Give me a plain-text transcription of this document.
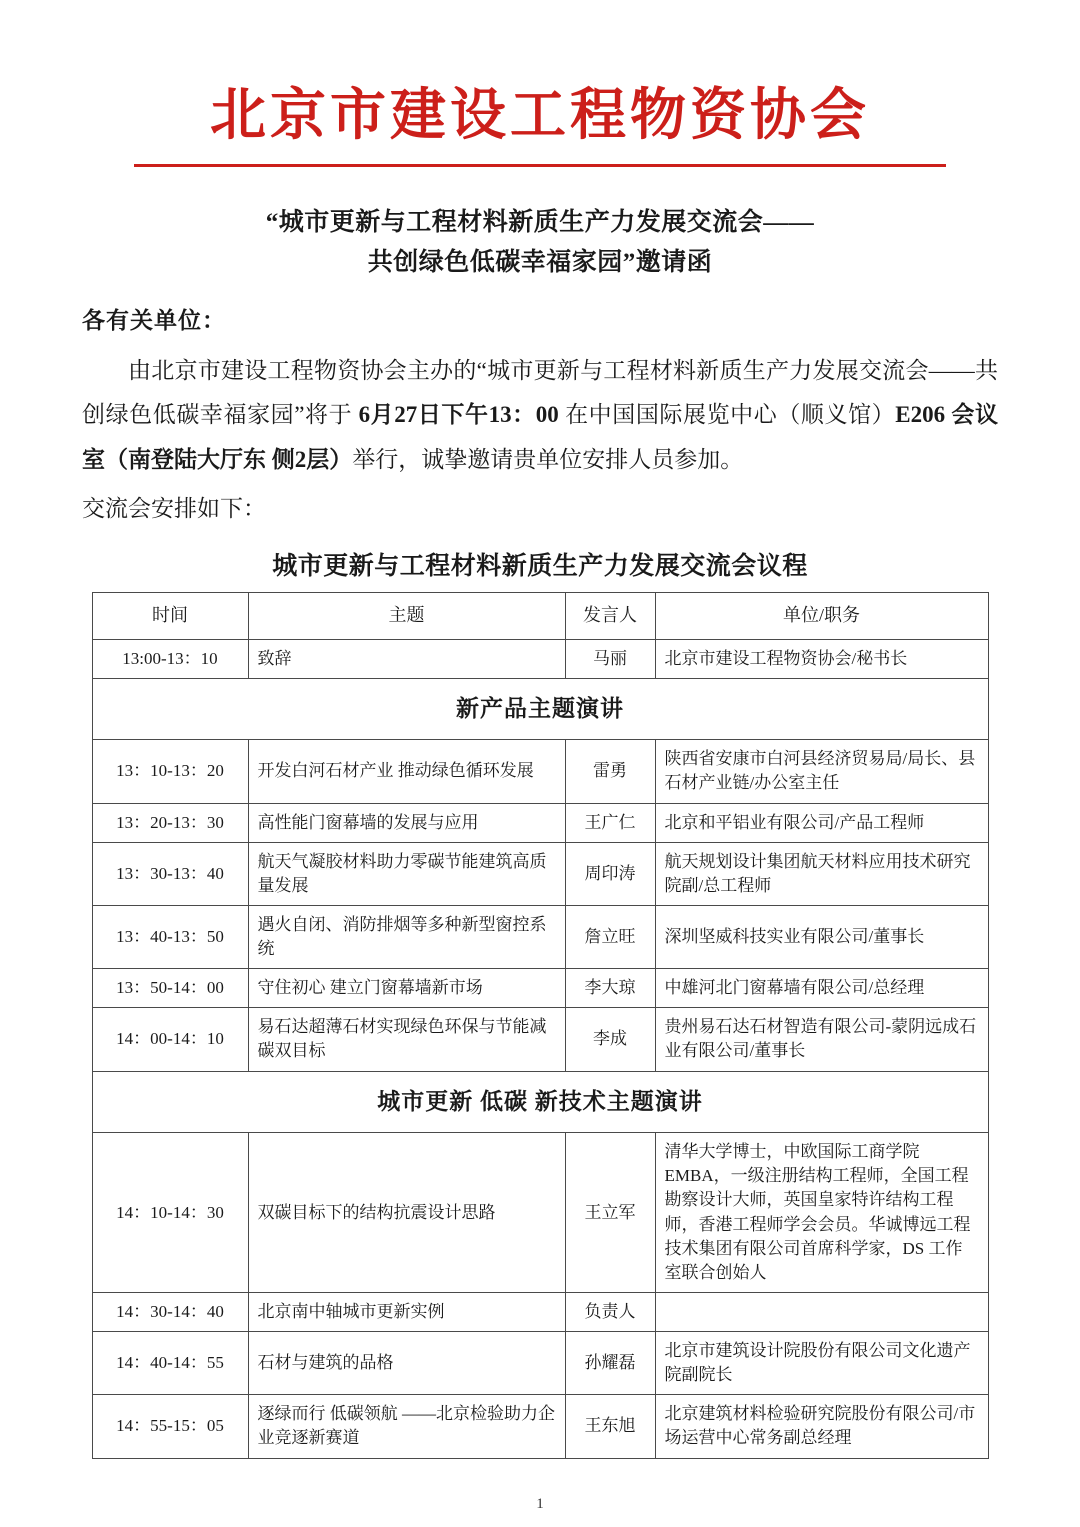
北京市建设工程物资协会
“城市更新与工程材料新质生产力发展交流会——
共创绿色低碳幸福家园”邀请函
各有关单位：
由北京市建设工程物资协会主办的“城市更新与工程材料新质生产力发展交流会——共创绿色低碳幸福家园”将于 6月27日下午13：00 在中国国际展览中心（顺义馆）E206 会议室（南登陆大厅东 侧2层）举行，诚挚邀请贵单位安排人员参加。
交流会安排如下：
城市更新与工程材料新质生产力发展交流会议程
时间	主题	发言人	单位/职务
13:00-13：10	致辞	马丽	北京市建设工程物资协会/秘书长
新产品主题演讲			
13：10-13：20	开发白河石材产业 推动绿色循环发展	雷勇	陕西省安康市白河县经济贸易局/局长、县石材产业链/办公室主任
13：20-13：30	高性能门窗幕墙的发展与应用	王广仁	北京和平铝业有限公司/产品工程师
13：30-13：40	航天气凝胶材料助力零碳节能建筑高质量发展	周印涛	航天规划设计集团航天材料应用技术研究院副/总工程师
13：40-13：50	遇火自闭、消防排烟等多种新型窗控系统	詹立旺	深圳坚威科技实业有限公司/董事长
13：50-14：00	守住初心 建立门窗幕墙新市场	李大琼	中雄河北门窗幕墙有限公司/总经理
14：00-14：10	易石达超薄石材实现绿色环保与节能减碳双目标	李成	贵州易石达石材智造有限公司-蒙阴远成石业有限公司/董事长
城市更新 低碳 新技术主题演讲			
14：10-14：30	双碳目标下的结构抗震设计思路	王立军	清华大学博士，中欧国际工商学院EMBA，一级注册结构工程师，全国工程勘察设计大师，英国皇家特许结构工程师，香港工程师学会会员。华诚博远工程技术集团有限公司首席科学家，DS 工作室联合创始人
14：30-14：40	北京南中轴城市更新实例	负责人	
14：40-14：55	石材与建筑的品格	孙耀磊	北京市建筑设计院股份有限公司文化遗产院副院长
14：55-15：05	逐绿而行 低碳领航 ——北京检验助力企业竞逐新赛道	王东旭	北京建筑材料检验研究院股份有限公司/市场运营中心常务副总经理
1
